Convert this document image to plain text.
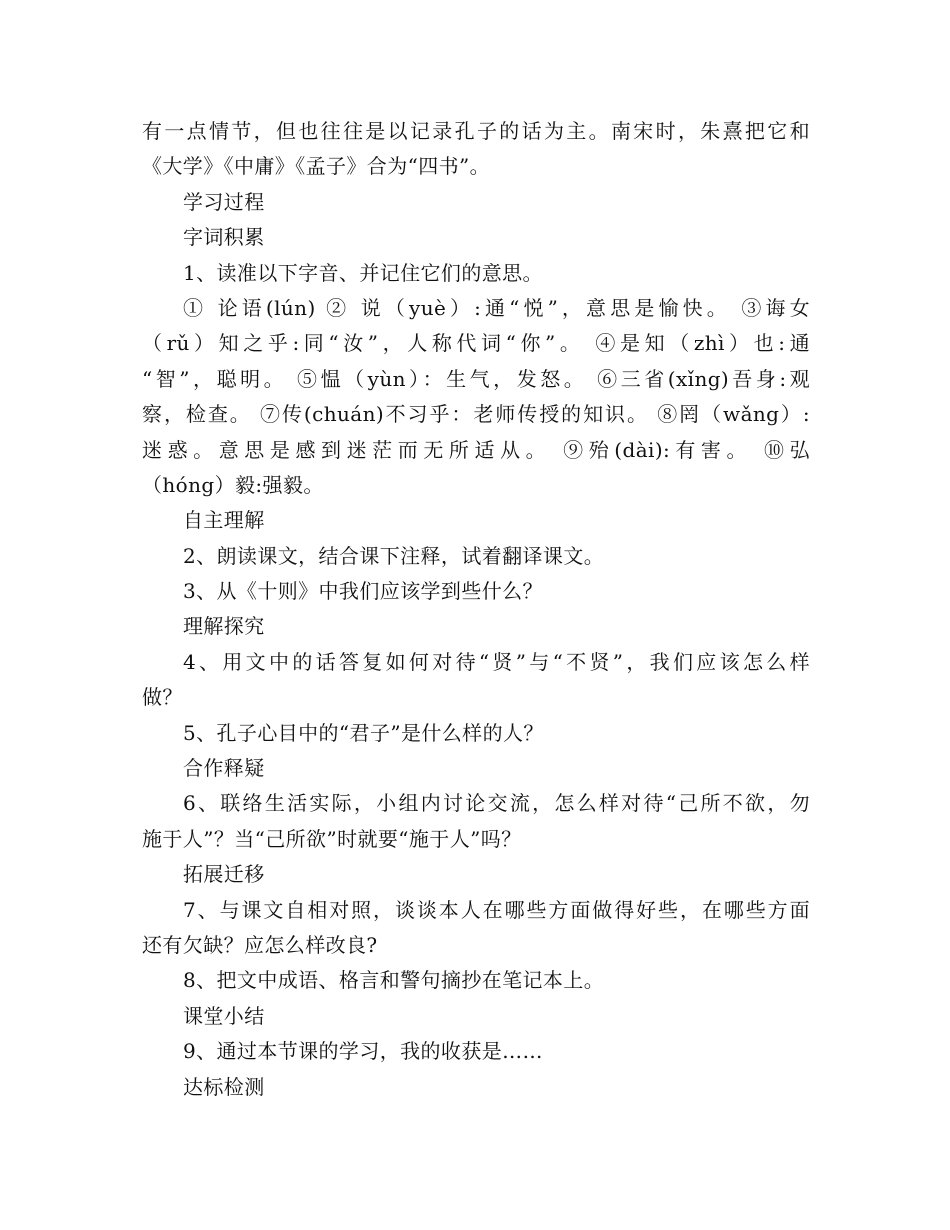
有一点情节，但也往往是以记录孔子的话为主。南宋时，朱熹把它和
《大学》《中庸》《孟子》合为“四书”。
学习过程
字词积累
1、读准以下字音、并记住它们的意思。
① 论语(lún) ② 说（yuè）:通“悦”，意思是愉快。 ③诲女
（rǔ）知之乎:同“汝”，人称代词“你”。 ④是知（zhì）也:通
“智”，聪明。 ⑤愠（yùn）：生气，发怒。 ⑥三省(xǐng)吾身:观
察，检查。 ⑦传(chuán)不习乎：老师传授的知识。 ⑧罔（wǎng）:
迷惑。意思是感到迷茫而无所适从。 ⑨殆(dài):有害。 ⑩弘
（hóng）毅:强毅。
自主理解
2、朗读课文，结合课下注释，试着翻译课文。
3、从《十则》中我们应该学到些什么？
理解探究
4、用文中的话答复如何对待“贤”与“不贤”，我们应该怎么样
做？
5、孔子心目中的“君子”是什么样的人？
合作释疑
6、联络生活实际，小组内讨论交流，怎么样对待“己所不欲，勿
施于人”？当“己所欲”时就要“施于人”吗？
拓展迁移
7、与课文自相对照，谈谈本人在哪些方面做得好些，在哪些方面
还有欠缺？应怎么样改良?
8、把文中成语、格言和警句摘抄在笔记本上。
课堂小结
9、通过本节课的学习，我的收获是……
达标检测
